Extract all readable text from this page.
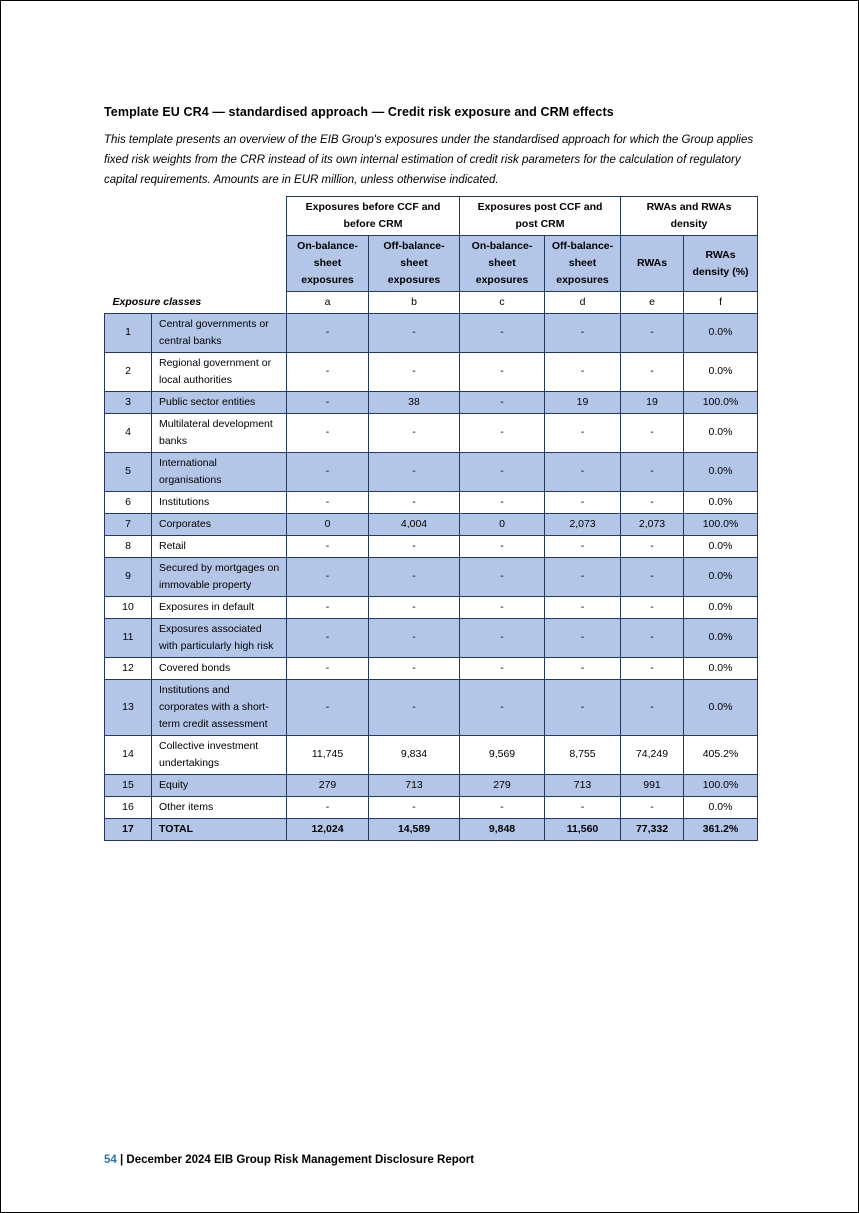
Template EU CR4 — standardised approach — Credit risk exposure and CRM effects
This template presents an overview of the EIB Group's exposures under the standardised approach for which the Group applies fixed risk weights from the CRR instead of its own internal estimation of credit risk parameters for the calculation of regulatory capital requirements. Amounts are in EUR million, unless otherwise indicated.
		Exposures before CCF and before CRM		Exposures post CCF and post CRM		RWAs and RWAs density	
		On-balance-sheet exposures	Off-balance-sheet exposures	On-balance-sheet exposures	Off-balance-sheet exposures	RWAs	RWAs density (%)
Exposure classes		a	b	c	d	e	f
1	Central governments or central banks	-	-	-	-	-	0.0%
2	Regional government or local authorities	-	-	-	-	-	0.0%
3	Public sector entities	-	38	-	19	19	100.0%
4	Multilateral development banks	-	-	-	-	-	0.0%
5	International organisations	-	-	-	-	-	0.0%
6	Institutions	-	-	-	-	-	0.0%
7	Corporates	0	4,004	0	2,073	2,073	100.0%
8	Retail	-	-	-	-	-	0.0%
9	Secured by mortgages on immovable property	-	-	-	-	-	0.0%
10	Exposures in default	-	-	-	-	-	0.0%
11	Exposures associated with particularly high risk	-	-	-	-	-	0.0%
12	Covered bonds	-	-	-	-	-	0.0%
13	Institutions and corporates with a short-term credit assessment	-	-	-	-	-	0.0%
14	Collective investment undertakings	11,745	9,834	9,569	8,755	74,249	405.2%
15	Equity	279	713	279	713	991	100.0%
16	Other items	-	-	-	-	-	0.0%
17	TOTAL	12,024	14,589	9,848	11,560	77,332	361.2%
54 | December 2024 EIB Group Risk Management Disclosure Report
